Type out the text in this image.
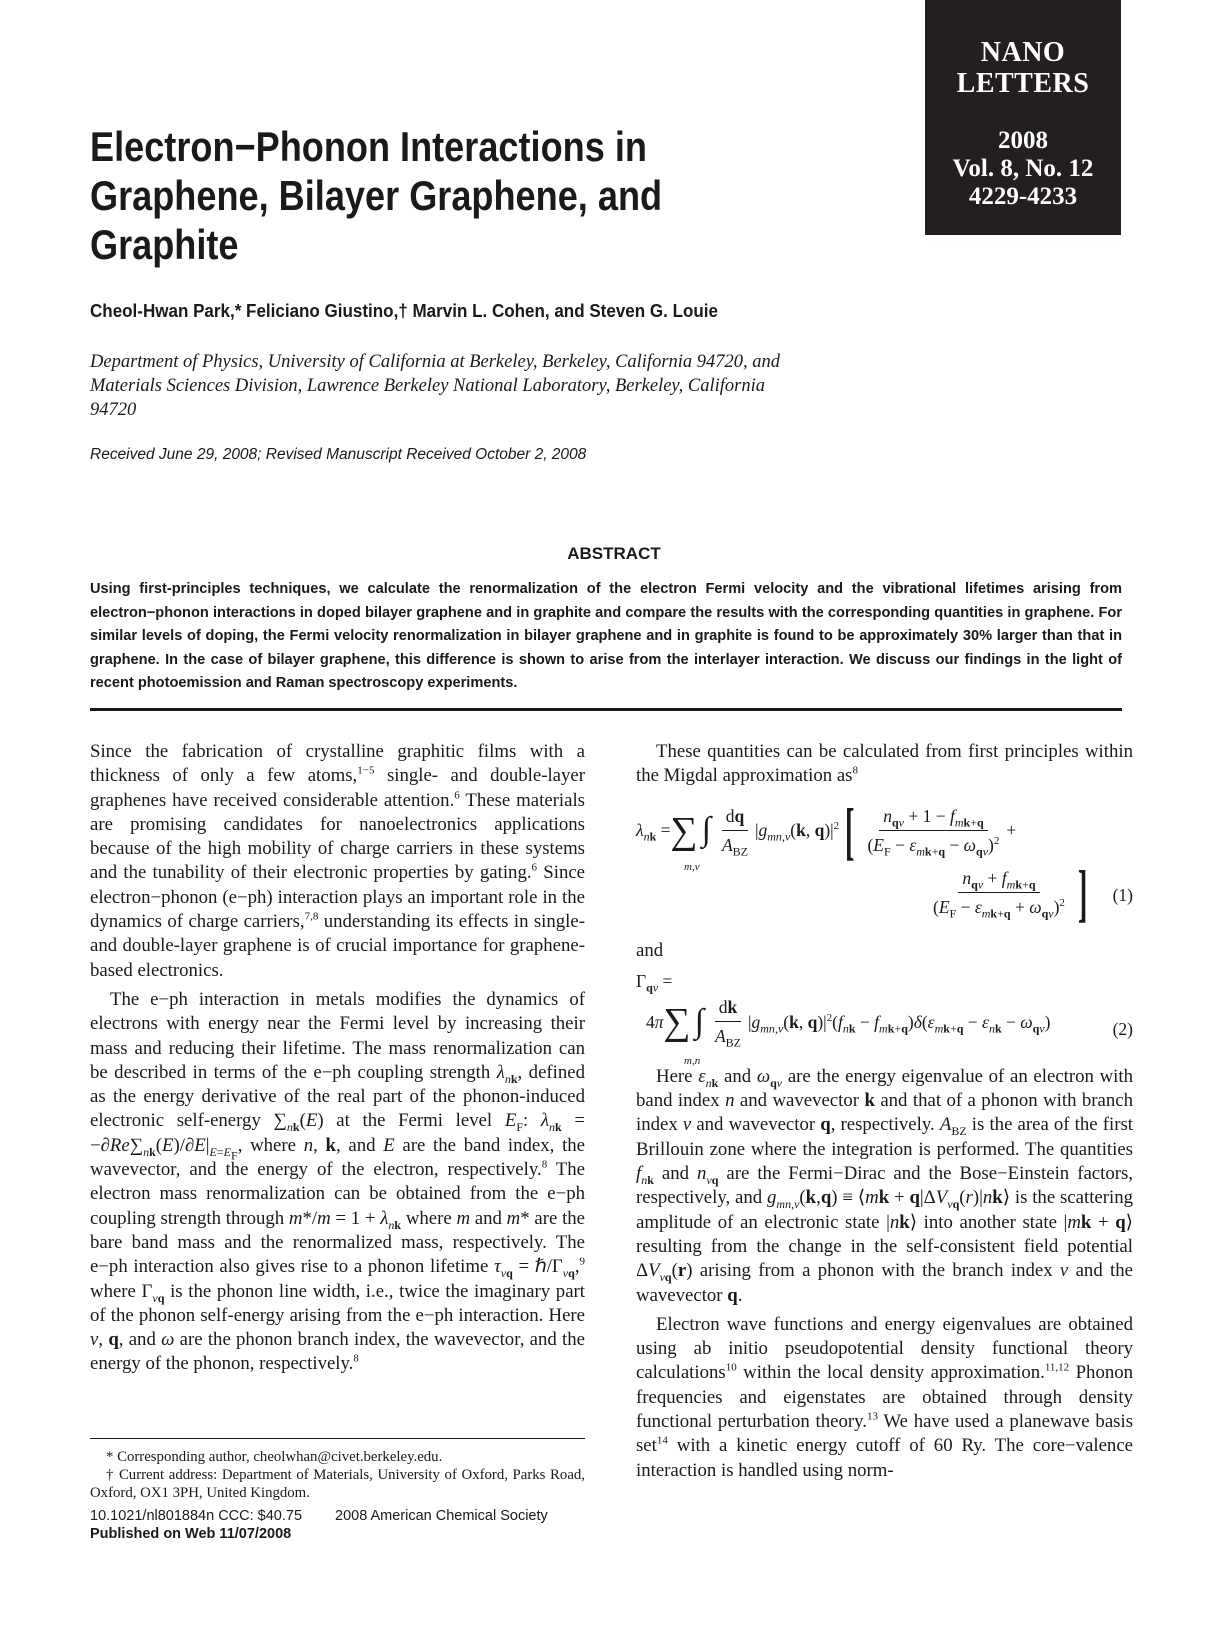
NANO
LETTERS
2008
Vol. 8, No. 12
4229-4233
Electron−Phonon Interactions in Graphene, Bilayer Graphene, and Graphite

Cheol-Hwan Park,* Feliciano Giustino,† Marvin L. Cohen, and Steven G. Louie

Department of Physics, University of California at Berkeley, Berkeley, California 94720, and Materials Sciences Division, Lawrence Berkeley National Laboratory, Berkeley, California 94720

Received June 29, 2008; Revised Manuscript Received October 2, 2008

ABSTRACT

Using first-principles techniques, we calculate the renormalization of the electron Fermi velocity and the vibrational lifetimes arising from electron−phonon interactions in doped bilayer graphene and in graphite and compare the results with the corresponding quantities in graphene. For similar levels of doping, the Fermi velocity renormalization in bilayer graphene and in graphite is found to be approximately 30% larger than that in graphene. In the case of bilayer graphene, this difference is shown to arise from the interlayer interaction. We discuss our findings in the light of recent photoemission and Raman spectroscopy experiments.

Since the fabrication of crystalline graphitic films with a thickness of only a few atoms,$^{1-5}$ single- and double-layer graphenes have received considerable attention.$^6$ These materials are promising candidates for nanoelectronics applications because of the high mobility of charge carriers in these systems and the tunability of their electronic properties by gating.$^6$ Since electron−phonon (e−ph) interaction plays an important role in the dynamics of charge carriers,$^{7,8}$ understanding its effects in single- and double-layer graphene is of crucial importance for graphene-based electronics.

The e−ph interaction in metals modifies the dynamics of electrons with energy near the Fermi level by increasing their mass and reducing their lifetime. The mass renormalization can be described in terms of the e−ph coupling strength $\lambda_{nk}$, defined as the energy derivative of the real part of the phonon-induced electronic self-energy $\sum_{nk}(E)$ at the Fermi level $E_F$: $\lambda_{nk} = -\partial Re\sum_{nk}(E)/\partial E|_{E=E_F}$, where n, k, and E are the band index, the wavevector, and the energy of the electron, respectively.$^8$ The electron mass renormalization can be obtained from the e−ph coupling strength through $m*/m = 1 + \lambda_{nk}$ where m and m* are the bare band mass and the renormalized mass, respectively. The e−ph interaction also gives rise to a phonon lifetime $\tau_{\nu q}$ = $\hbar/\Gamma_{\nu q},^9$ where $\Gamma_{\nu q}$ is the phonon line width, i.e., twice the imaginary part of the phonon self-energy arising from the e−ph interaction. Here ν, q, and ω are the phonon branch index, the wavevector, and the energy of the phonon, respectively.$^8$

* Corresponding author, cheolwhan@civet.berkeley.edu.

† Current address: Department of Materials, University of Oxford, Parks Road, Oxford, OX1 3PH, United Kingdom.

10.1021/nl801884n CCC: $40.75
Published on Web 11/07/2008
2008 American Chemical Society

These quantities can be calculated from first principles within the Migdal approximation $as^8$

$\lambda_{nk}$ = ∑ ∫ $\frac{dq}{A_{BZ}} |g_{mn,\nu}(k$, $q)|^2$ [ $\frac{n_{q\nu} + 1 - f_{mk+q}}{(E_F - \varepsilon_{mk+q} - \omega_{q\nu})^2}$ +
m,ν	$\frac{n_{q\nu} + f_{mk+q}}{(E_F - \varepsilon_{mk+q} + \omega_{q\nu})^2}$ ] (1)

and

$\Gamma_{q\nu}$ =
4π ∑ ∫ $\frac{dk}{A_{BZ}} |g_{mn,\nu}(k$, $q)|^2(f_{nk} - f_{mk+q})\delta(\varepsilon_{mk+q} - \varepsilon_{nk} - \omega_{q\nu})$
m,n
(2)

Here $\varepsilon_{nk}$ and $\omega_{q\nu}$ are the energy eigenvalue of an electron with band index n and wavevector k and that of a phonon with branch index ν and wavevector q, respectively. $A_{BZ}$ is the area of the first Brillouin zone where the integration is performed. The quantities $f_{nk}$ and $n_{\nu q}$ are the Fermi−Dirac and the Bose−Einstein factors, respectively, and $g_{mn,\nu}(k,q)$ ≡ ⟨mk + $q|\Delta V_{\nu q}(r)|nk⟩$ is the scattering amplitude of an electronic state |nk⟩ into another state |mk + q⟩ resulting from the change in the self-consistent field potential $\Delta V_{\nu q}(r)$ arising from a phonon with the branch index ν and the wavevector q.

Electron wave functions and energy eigenvalues are obtained using ab initio pseudopotential density functional theory calculations$^{10}$ within the local density approximation.$^{11,12}$ Phonon frequencies and eigenstates are obtained through density functional perturbation theory.$^{13}$ We have used a planewave basis set$^{14}$ with a kinetic energy cutoff of 60 Ry. The core−valence interaction is handled using norm-
